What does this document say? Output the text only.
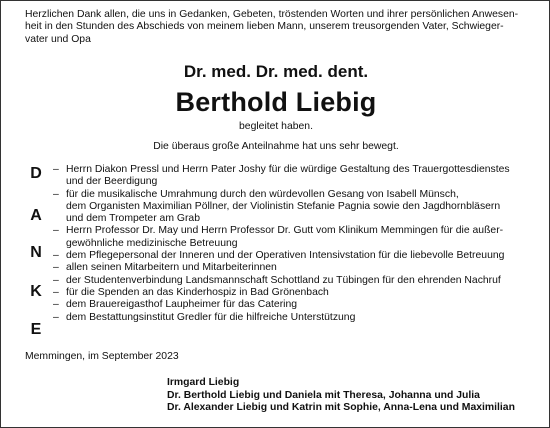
Herzlichen Dank allen, die uns in Gedanken, Gebeten, tröstenden Worten und ihrer persönlichen Anwesen-
heit in den Stunden des Abschieds von meinem lieben Mann, unserem treusorgenden Vater, Schwieger-
vater und Opa
Dr. med. Dr. med. dent.
Berthold Liebig
begleitet haben.
Die überaus große Anteilnahme hat uns sehr bewegt.
D
A
N
K
E
– Herrn Diakon Pressl und Herrn Pater Joshy für die würdige Gestaltung des Trauergottesdienstes
und der Beerdigung
– für die musikalische Umrahmung durch den würdevollen Gesang von Isabell Münsch,
dem Organisten Maximilian Pöllner, der Violinistin Stefanie Pagnia sowie den Jagdhornbläsern
und dem Trompeter am Grab
– Herrn Professor Dr. May und Herrn Professor Dr. Gutt vom Klinikum Memmingen für die außer-
gewöhnliche medizinische Betreuung
– dem Pflegepersonal der Inneren und der Operativen Intensivstation für die liebevolle Betreuung
– allen seinen Mitarbeitern und Mitarbeiterinnen
– der Studentenverbindung Landsmannschaft Schottland zu Tübingen für den ehrenden Nachruf
– für die Spenden an das Kinderhospiz in Bad Grönenbach
– dem Brauereigasthof Laupheimer für das Catering
– dem Bestattungsinstitut Gredler für die hilfreiche Unterstützung
Memmingen, im September 2023
Irmgard Liebig
Dr. Berthold Liebig und Daniela mit Theresa, Johanna und Julia
Dr. Alexander Liebig und Katrin mit Sophie, Anna-Lena und Maximilian
